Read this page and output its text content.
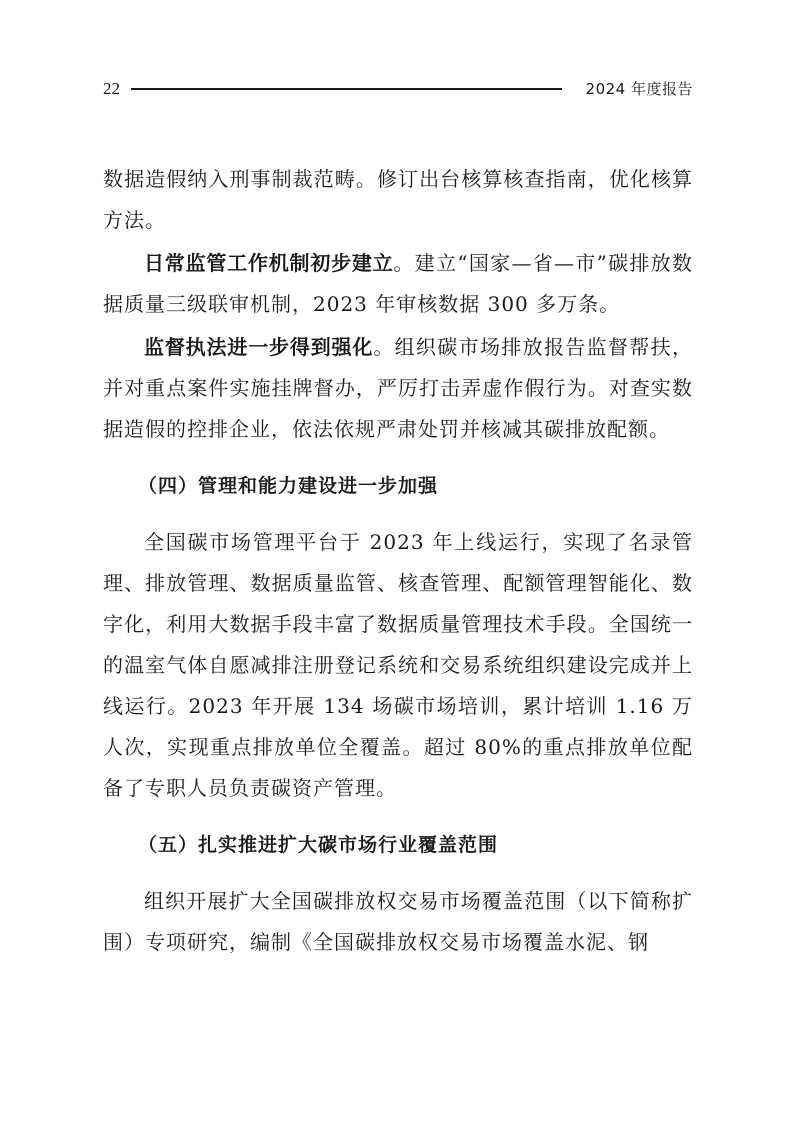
22	2024 年度报告

数据造假纳入刑事制裁范畴。修订出台核算核查指南，优化核算方法。

日常监管工作机制初步建立。建立“国家—省—市”碳排放数据质量三级联审机制，2023 年审核数据 300 多万条。

监督执法进一步得到强化。组织碳市场排放报告监督帮扶，并对重点案件实施挂牌督办，严厉打击弄虚作假行为。对查实数据造假的控排企业，依法依规严肃处罚并核减其碳排放配额。

（四）管理和能力建设进一步加强

全国碳市场管理平台于 2023 年上线运行，实现了名录管理、排放管理、数据质量监管、核查管理、配额管理智能化、数字化，利用大数据手段丰富了数据质量管理技术手段。全国统一的温室气体自愿减排注册登记系统和交易系统组织建设完成并上线运行。2023 年开展 134 场碳市场培训，累计培训 1.16 万人次，实现重点排放单位全覆盖。超过 80%的重点排放单位配备了专职人员负责碳资产管理。

（五）扎实推进扩大碳市场行业覆盖范围

组织开展扩大全国碳排放权交易市场覆盖范围（以下简称扩围）专项研究，编制《全国碳排放权交易市场覆盖水泥、钢
